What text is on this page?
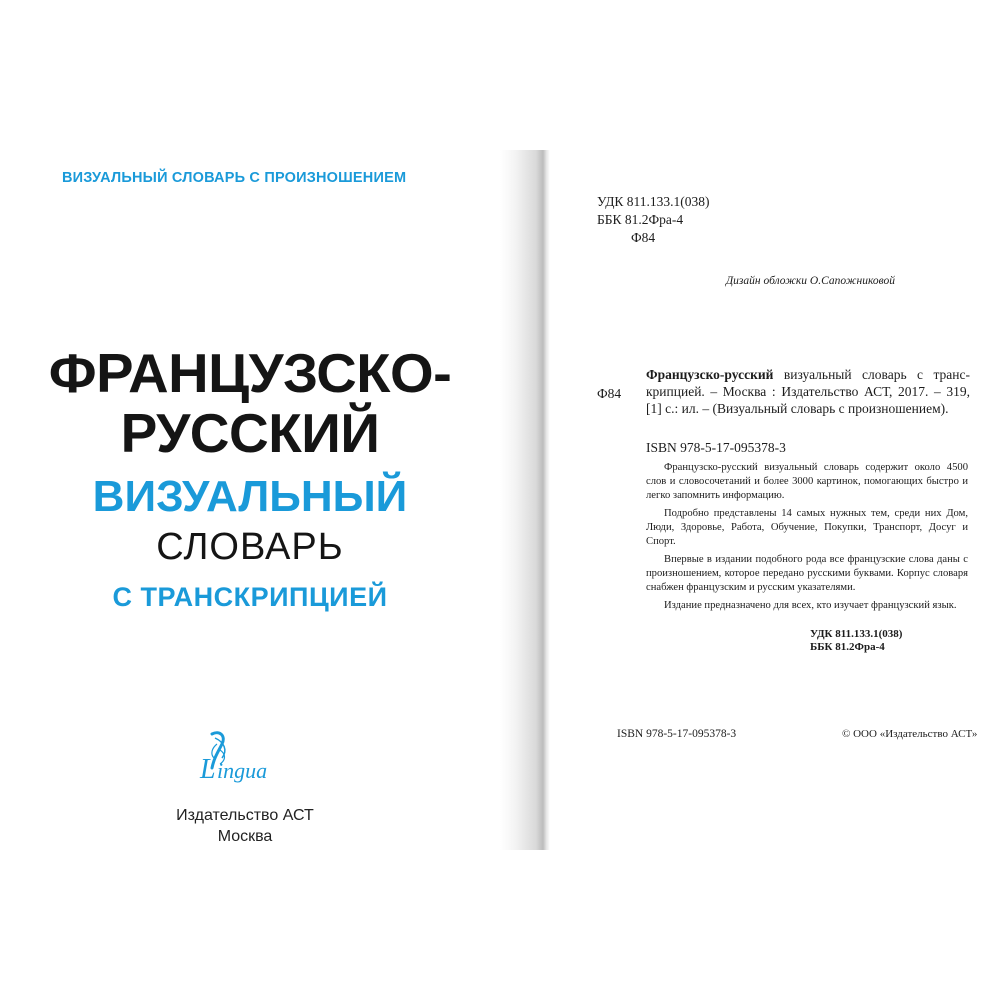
ВИЗУАЛЬНЫЙ СЛОВАРЬ С ПРОИЗНОШЕНИЕМ
ФРАНЦУЗСКО-
РУССКИЙ
ВИЗУАЛЬНЫЙ
СЛОВАРЬ
С ТРАНСКРИПЦИЕЙ
L ingua
Издательство АСТ
Москва
УДК 811.133.1(038)
ББК 81.2Фра-4
Ф84
Дизайн обложки О.Сапожниковой
Ф84

Французско-русский визуальный словарь с транскрипцией. – Москва : Издательство АСТ, 2017. – 319, [1] с.: ил. – (Визуальный словарь с произношением).

ISBN 978-5-17-095378-3

Французско-русский визуальный словарь содержит около 4500 слов и словосочетаний и более 3000 картинок, помогающих быстро и легко запомнить информацию.

Подробно представлены 14 самых нужных тем, среди них Дом, Люди, Здоровье, Работа, Обучение, Покупки, Транспорт, Досуг и Спорт.

Впервые в издании подобного рода все французские слова даны с произношением, которое передано русскими буквами. Корпус словаря снабжен французским и русским указателями.

Издание предназначено для всех, кто изучает французский язык.

УДК 811.133.1(038)
ББК 81.2Фра-4
ISBN 978-5-17-095378-3	© ООО «Издательство АСТ»
